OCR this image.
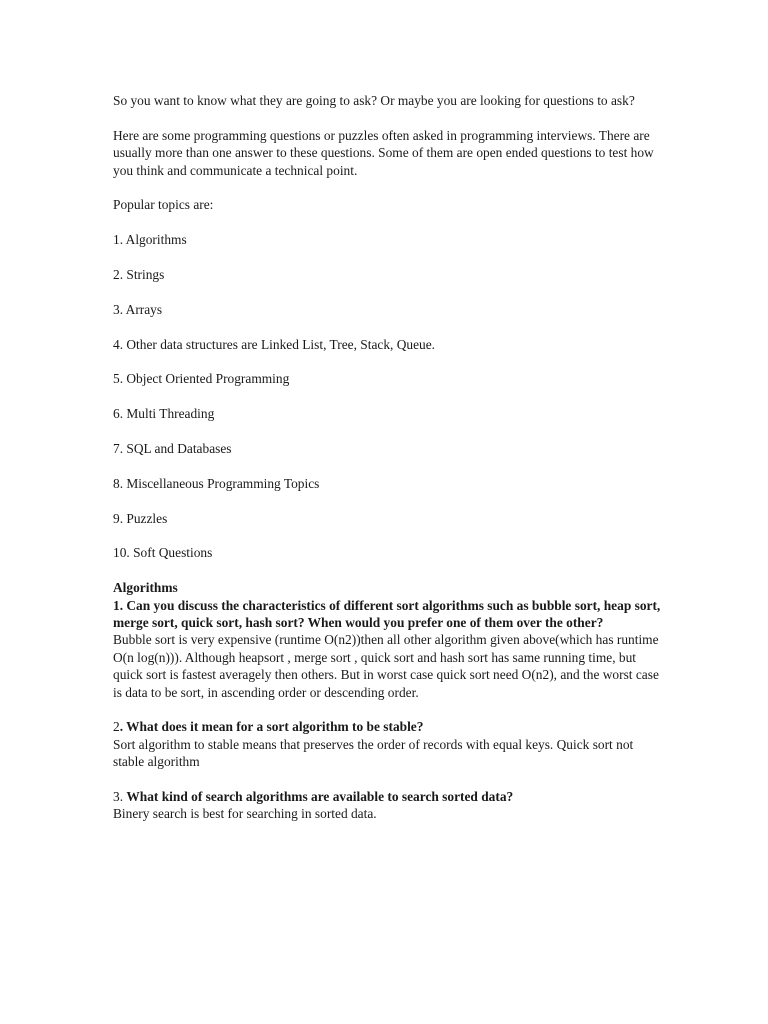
So you want to know what they are going to ask? Or maybe you are looking for questions to ask?

Here are some programming questions or puzzles often asked in programming interviews. There are usually more than one answer to these questions. Some of them are open ended questions to test how you think and communicate a technical point.

Popular topics are:

1. Algorithms
2. Strings
3. Arrays
4. Other data structures are Linked List, Tree, Stack, Queue.
5. Object Oriented Programming
6. Multi Threading
7. SQL and Databases
8. Miscellaneous Programming Topics
9. Puzzles
10. Soft Questions

Algorithms

1. Can you discuss the characteristics of different sort algorithms such as bubble sort, heap sort, merge sort, quick sort, hash sort? When would you prefer one of them over the other?

Bubble sort is very expensive (runtime O(n2))then all other algorithm given above(which has runtime O(n log(n))). Although heapsort , merge sort , quick sort and hash sort has same running time, but quick sort is fastest averagely then others. But in worst case quick sort need O(n2), and the worst case is data to be sort, in ascending order or descending order.

2. What does it mean for a sort algorithm to be stable?

Sort algorithm to stable means that preserves the order of records with equal keys. Quick sort not stable algorithm

3. What kind of search algorithms are available to search sorted data?

Binery search is best for searching in sorted data.
